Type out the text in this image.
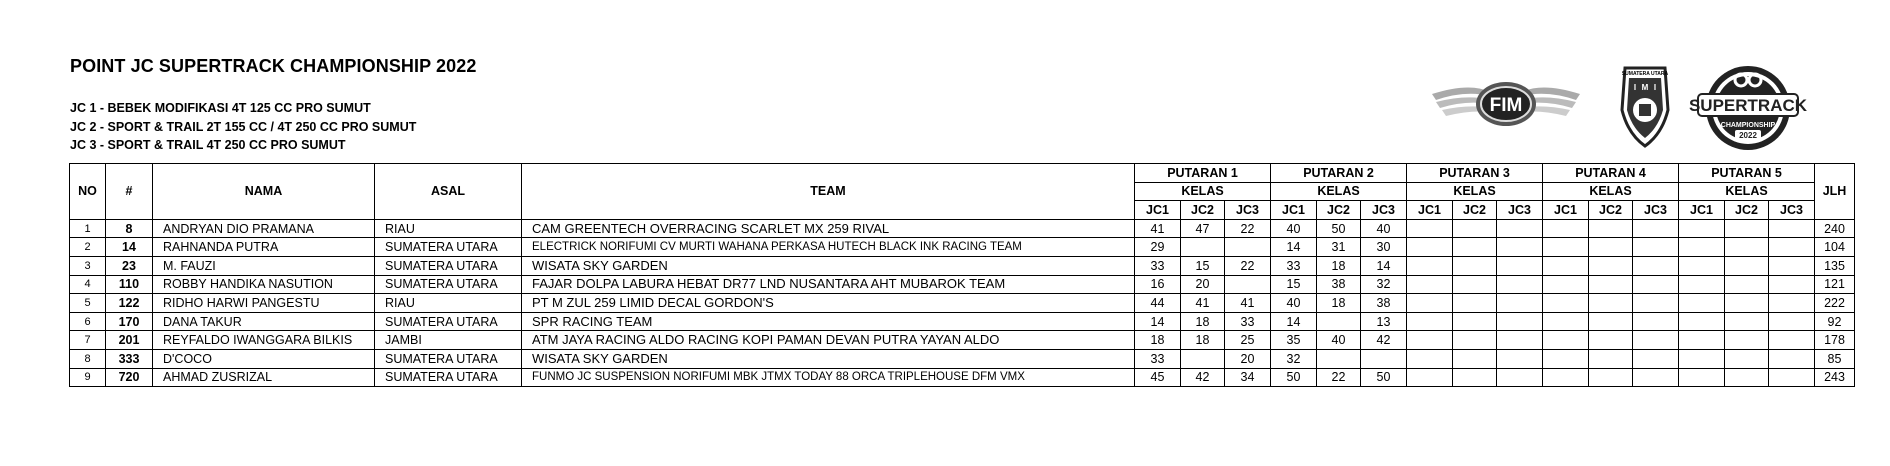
POINT JC SUPERTRACK CHAMPIONSHIP 2022
JC 1 - BEBEK MODIFIKASI 4T 125 CC PRO SUMUT
JC 2 - SPORT & TRAIL 2T 155 CC / 4T 250 CC PRO SUMUT
JC 3 - SPORT & TRAIL 4T 250 CC PRO SUMUT
FIM
SUMATERA UTARA
I M I
SUPERTRACK
CHAMPIONSHIP
2022
NO	#	NAMA	ASAL	TEAM	PUTARAN 1			PUTARAN 2			PUTARAN 3			PUTARAN 4			PUTARAN 5			JLH
					KELAS			KELAS			KELAS			KELAS			KELAS			
					JC1	JC2	JC3	JC1	JC2	JC3	JC1	JC2	JC3	JC1	JC2	JC3	JC1	JC2	JC3	
1	8	ANDRYAN DIO PRAMANA	RIAU	CAM GREENTECH OVERRACING SCARLET MX 259 RIVAL	41	47	22	40	50	40										240
2	14	RAHNANDA PUTRA	SUMATERA UTARA	ELECTRICK NORIFUMI CV MURTI WAHANA PERKASA HUTECH BLACK INK RACING TEAM	29			14	31	30										104
3	23	M. FAUZI	SUMATERA UTARA	WISATA SKY GARDEN	33	15	22	33	18	14										135
4	110	ROBBY HANDIKA NASUTION	SUMATERA UTARA	FAJAR DOLPA LABURA HEBAT DR77 LND NUSANTARA AHT MUBAROK TEAM	16	20		15	38	32										121
5	122	RIDHO HARWI PANGESTU	RIAU	PT M ZUL 259 LIMID DECAL GORDON'S	44	41	41	40	18	38										222
6	170	DANA TAKUR	SUMATERA UTARA	SPR RACING TEAM	14	18	33	14		13										92
7	201	REYFALDO IWANGGARA BILKIS	JAMBI	ATM JAYA RACING ALDO RACING KOPI PAMAN DEVAN PUTRA YAYAN ALDO	18	18	25	35	40	42										178
8	333	D'COCO	SUMATERA UTARA	WISATA SKY GARDEN	33		20	32												85
9	720	AHMAD ZUSRIZAL	SUMATERA UTARA	FUNMO JC SUSPENSION NORIFUMI MBK JTMX TODAY 88 ORCA TRIPLEHOUSE DFM VMX	45	42	34	50	22	50										243
